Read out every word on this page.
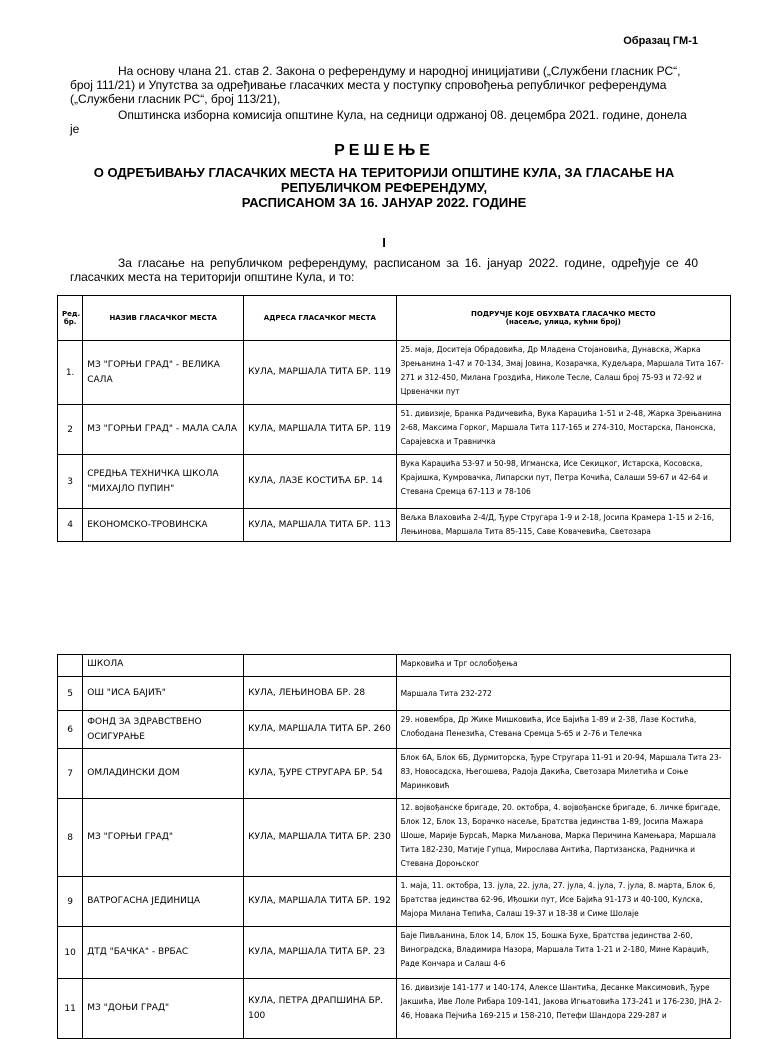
Образац ГМ-1
На основу члана 21. став 2. Закона о референдуму и народној иницијативи („Службени гласник РС“, број 111/21) и Упутства за одређивање гласачких места у поступку спровођења републичког референдума („Службени гласник РС“, број 113/21),
Општинска изборна комисија општине Кула, на седници одржаној 08. децембра 2021. године, донела је
РЕШЕЊЕ
О ОДРЕЂИВАЊУ ГЛАСАЧКИХ МЕСТА НА ТЕРИТОРИЈИ ОПШТИНЕ КУЛА, ЗА ГЛАСАЊЕ НА РЕПУБЛИЧКОМ РЕФЕРЕНДУМУ,
РАСПИСАНОМ ЗА 16. ЈАНУАР 2022. ГОДИНЕ
I
За гласање на републичком референдуму, расписаном за 16. јануар 2022. године, одређује се 40 гласачких места на територији општине Кула, и то:
Ред. бр.	НАЗИВ ГЛАСАЧКОГ МЕСТА	АДРЕСА ГЛАСАЧКОГ МЕСТА	ПОДРУЧЈЕ КОЈЕ ОБУХВАТА ГЛАСАЧКО МЕСТО
(насеље, улица, кућни број)

1.	МЗ "ГОРЊИ ГРАД" - ВЕЛИКА САЛА	КУЛА, МАРШАЛА ТИТА БР. 119	25. маја, Доситеја Обрадовића, Др Младена Стојановића, Дунавска, Жарка Зрењанина 1-47 и 70-134, Змај Јовина, Козарачка, Кудељара, Маршала Тита 167-271 и 312-450, Милана Гроздића, Николе Тесле, Салаш број 75-93 и 72-92 и Црвеначки пут
2	МЗ "ГОРЊИ ГРАД" - МАЛА САЛА	КУЛА, МАРШАЛА ТИТА БР. 119	51. дивизије, Бранка Радичевића, Вука Караџића 1-51 и 2-48, Жарка Зрењанина 2-68, Максима Горког, Маршала Тита 117-165 и 274-310, Мостарска, Панонска, Сарајевска и Травничка
3	СРЕДЊА ТЕХНИЧКА ШКОЛА "МИХАЈЛО ПУПИН"	КУЛА, ЛАЗЕ КОСТИЋА БР. 14	Вука Караџића 53-97 и 50-98, Игманска, Исе Секицког, Истарска, Косовска, Крајишка, Кумровачка, Липарски пут, Петра Кочића, Салаши 59-67 и 42-64 и Стевана Сремца 67-113 и 78-106
4	ЕКОНОМСКО-ТРОВИНСКА	КУЛА, МАРШАЛА ТИТА БР. 113	Вељка Влаховића 2-4/Д, Ђуре Стругара 1-9 и 2-18, Јосипа Крамера 1-15 и 2-16, Лењинова, Маршала Тита 85-115, Саве Ковачевића, Светозара
	ШКОЛА		Марковића и Трг ослобођења
5	ОШ "ИСА БАЈИЋ"	КУЛА, ЛЕЊИНОВА БР. 28	Маршала Тита 232-272
6	ФОНД ЗА ЗДРАВСТВЕНО ОСИГУРАЊЕ	КУЛА, МАРШАЛА ТИТА БР. 260	29. новембра, Др Жике Мишковића, Исе Бајића 1-89 и 2-38, Лазе Костића, Слободана Пенезића, Стевана Сремца 5-65 и 2-76 и Телечка
7	ОМЛАДИНСКИ ДОМ	КУЛА, ЂУРЕ СТРУГАРА БР. 54	Блок 6А, Блок 6Б, Дурмиторска, Ђуре Стругара 11-91 и 20-94, Маршала Тита 23-83, Новосадска, Његошева, Радоја Дакића, Светозара Милетића и Соње Маринковић
8	МЗ "ГОРЊИ ГРАД"	КУЛА, МАРШАЛА ТИТА БР. 230	12. војвођанске бригаде, 20. октобра, 4. војвођанске бригаде, 6. личке бригаде, Блок 12, Блок 13, Боpачко насеље, Братства јединства 1-89, Јосипа Мажара Шоше, Марије Бурсаћ, Марка Миљанова, Марка Перичина Камењара, Маршала Тита 182-230, Матије Гупца, Мирослава Антића, Партизанска, Радничка и Стевана Дороњског
9	ВАТРОГАСНА ЈЕДИНИЦА	КУЛА, МАРШАЛА ТИТА БР. 192	1. маја, 11. октобра, 13. јула, 22. јула, 27. јула, 4. јула, 7. јула, 8. марта, Блок 6, Братства јединства 62-96, Иђошки пут, Исе Бајића 91-173 и 40-100, Кулска, Мајора Милана Тепића, Салаш 19-37 и 18-38 и Симе Шолаје
10	ДТД "БАЧКА" - ВРБАС	КУЛА, МАРШАЛА ТИТА БР. 23	Баје Пивљанина, Блок 14, Блок 15, Бошка Бухе, Братства јединства 2-60, Виноградска, Владимира Назора, Маршала Тита 1-21 и 2-180, Мине Караџић, Раде Кончара и Салаш 4-6
11	МЗ "ДОЊИ ГРАД"	КУЛА, ПЕТРА ДРАПШИНА БР. 100	16. дивизије 141-177 и 140-174, Алексе Шантића, Десанке Максимовић, Ђуре Јакшића, Иве Лоле Рибара 109-141, Јакова Игњатовића 173-241 и 176-230, ЈНА 2-46, Новака Пејчића 169-215 и 158-210, Петефи Шандора 229-287 и
